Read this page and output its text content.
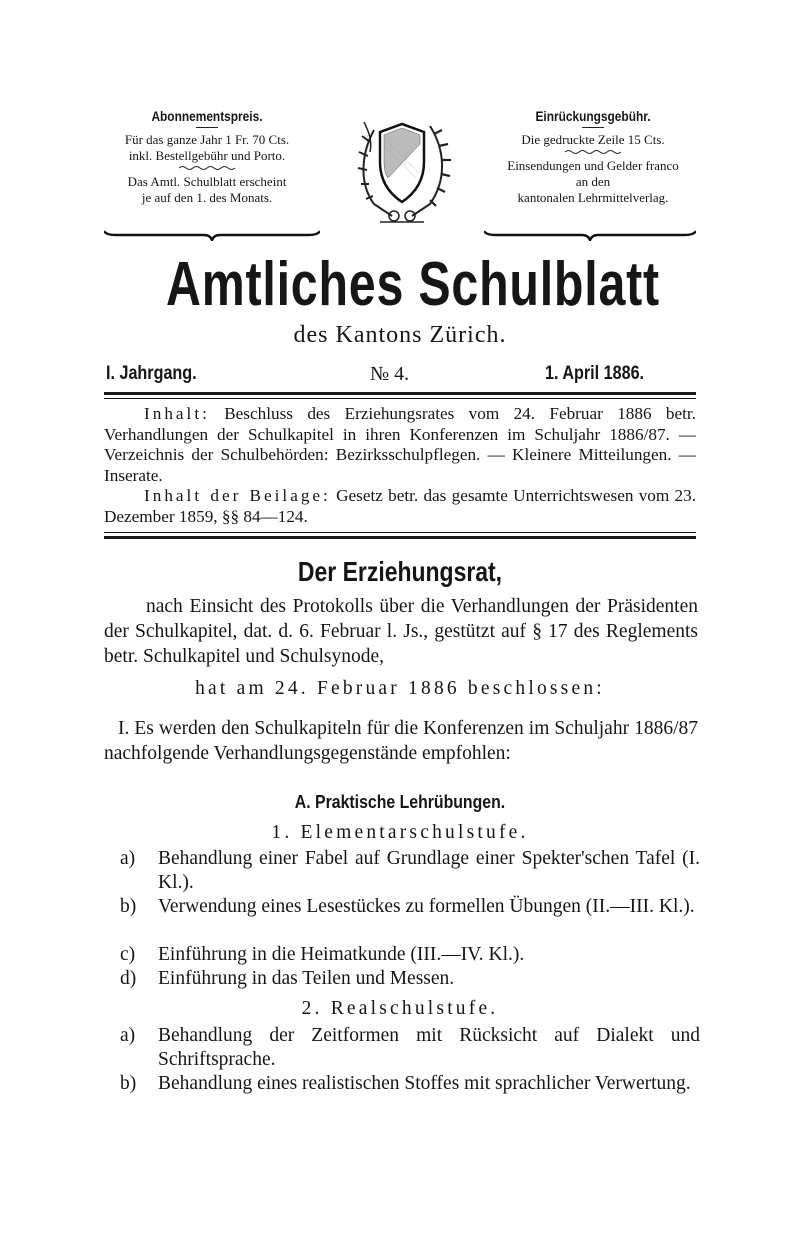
Abonnementspreis.
Für das ganze Jahr 1 Fr. 70 Cts.
inkl. Bestellgebühr und Porto.
Das Amtl. Schulblatt erscheint
je auf den 1. des Monats.
Einrückungsgebühr.
Die gedruckte Zeile 15 Cts.
Einsendungen und Gelder franco
an den
kantonalen Lehrmittelverlag.
Amtliches Schulblatt
des Kantons Zürich.
I. Jahrgang.	№ 4.	1. April 1886.
Inhalt: Beschluss des Erziehungsrates vom 24. Februar 1886 betr. Verhandlungen der Schulkapitel in ihren Konferenzen im Schuljahr 1886/87. — Verzeichnis der Schulbehörden: Bezirksschulpflegen. — Kleinere Mitteilungen. — Inserate.
Inhalt der Beilage: Gesetz betr. das gesamte Unterrichtswesen vom 23. Dezember 1859, §§ 84—124.
Der Erziehungsrat,
nach Einsicht des Protokolls über die Verhandlungen der Präsidenten der Schulkapitel, dat. d. 6. Februar l. Js., gestützt auf § 17 des Reglements betr. Schulkapitel und Schulsynode,
hat am 24. Februar 1886 beschlossen:
I. Es werden den Schulkapiteln für die Konferenzen im Schuljahr 1886/87 nachfolgende Verhandlungsgegenstände empfohlen:
A. Praktische Lehrübungen.
1. Elementarschulstufe.
a)	Behandlung einer Fabel auf Grundlage einer Spekter'schen Tafel (I. Kl.).
b)	Verwendung eines Lesestückes zu formellen Übungen (II.—III. Kl.).
c)	Einführung in die Heimatkunde (III.—IV. Kl.).
d)	Einführung in das Teilen und Messen.
2. Realschulstufe.
a)	Behandlung der Zeitformen mit Rücksicht auf Dialekt und Schriftsprache.
b)	Behandlung eines realistischen Stoffes mit sprachlicher Verwertung.
